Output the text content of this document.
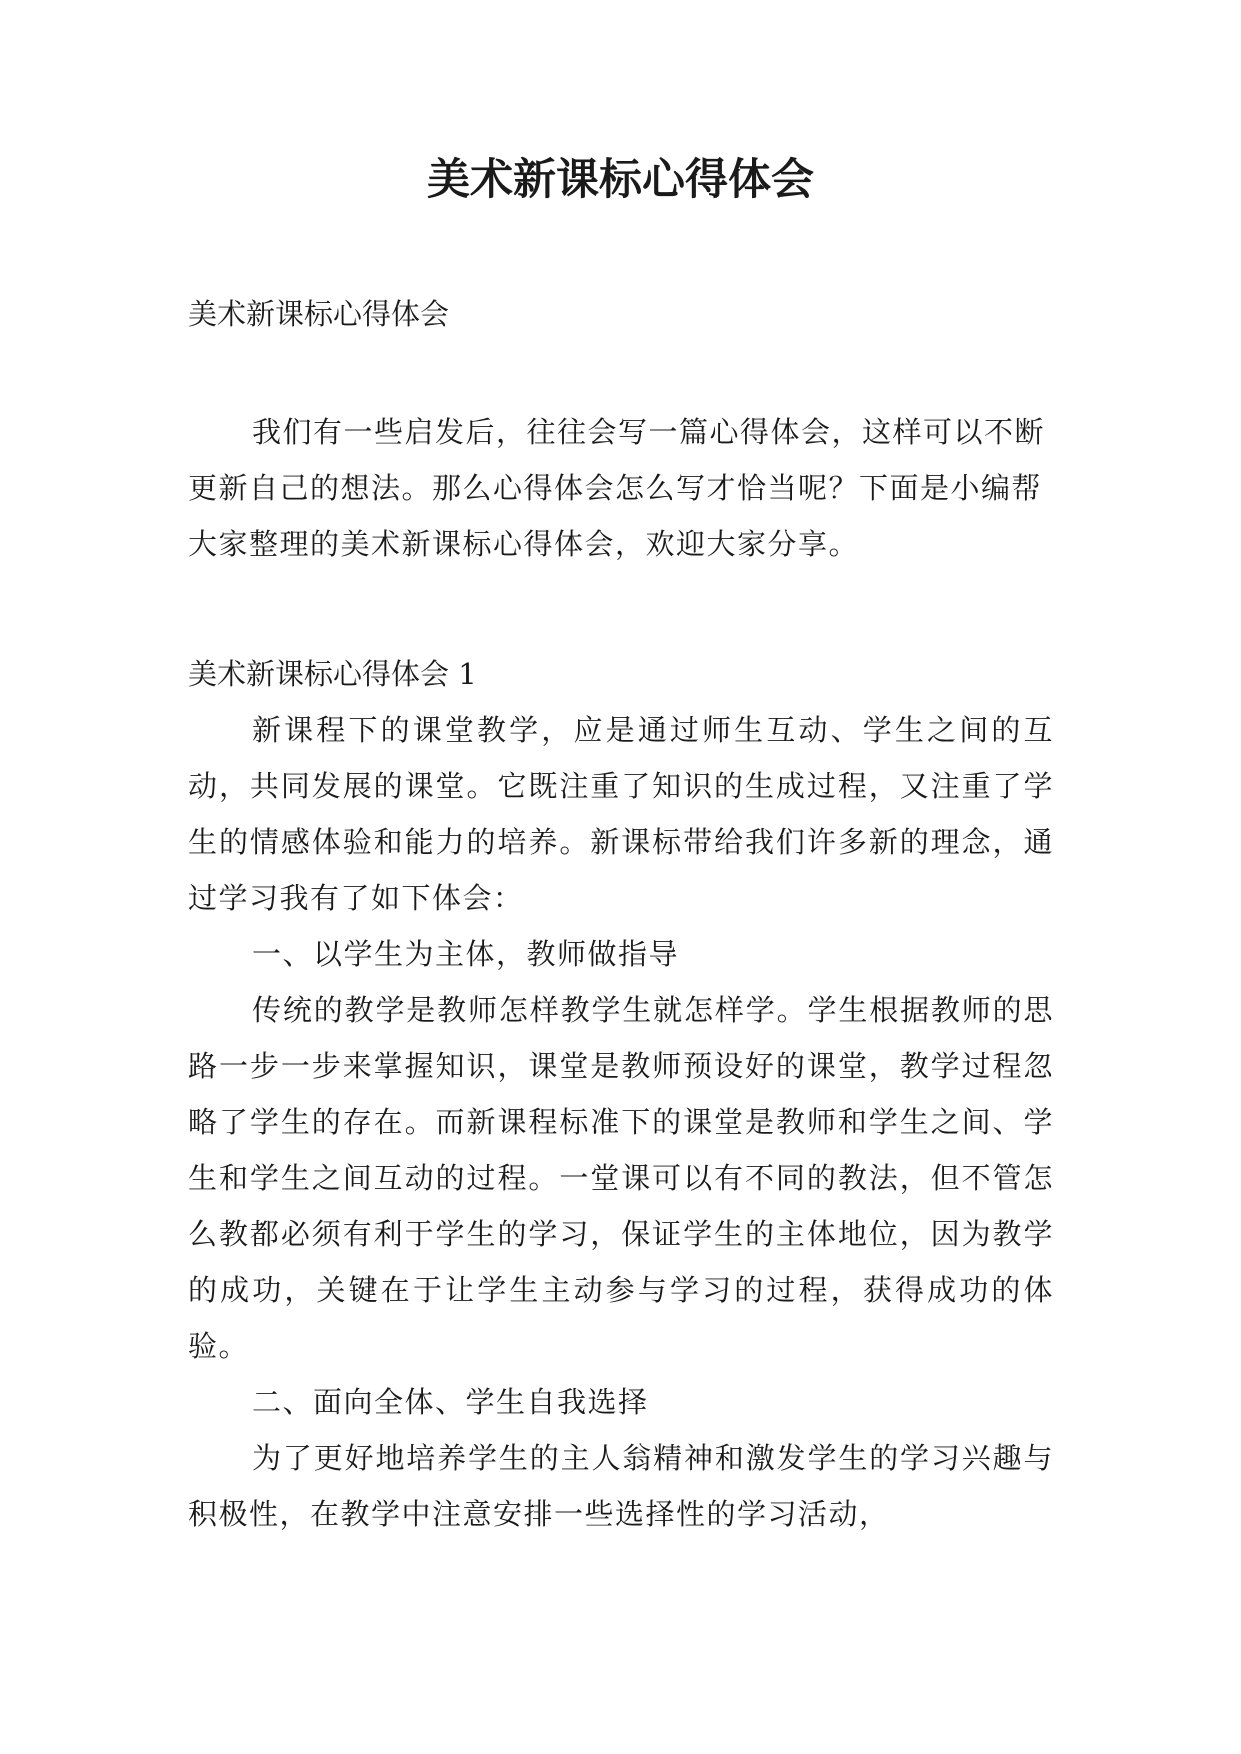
美术新课标心得体会

美术新课标心得体会

我们有一些启发后，往往会写一篇心得体会，这样可以不断更新自己的想法。那么心得体会怎么写才恰当呢？下面是小编帮大家整理的美术新课标心得体会，欢迎大家分享。

美术新课标心得体会 1

新课程下的课堂教学，应是通过师生互动、学生之间的互动，共同发展的课堂。它既注重了知识的生成过程，又注重了学生的情感体验和能力的培养。新课标带给我们许多新的理念，通过学习我有了如下体会：

一、以学生为主体，教师做指导

传统的教学是教师怎样教学生就怎样学。学生根据教师的思路一步一步来掌握知识，课堂是教师预设好的课堂，教学过程忽略了学生的存在。而新课程标准下的课堂是教师和学生之间、学生和学生之间互动的过程。一堂课可以有不同的教法，但不管怎么教都必须有利于学生的学习，保证学生的主体地位，因为教学的成功，关键在于让学生主动参与学习的过程，获得成功的体验。

二、面向全体、学生自我选择

为了更好地培养学生的主人翁精神和激发学生的学习兴趣与积极性，在教学中注意安排一些选择性的学习活动，
